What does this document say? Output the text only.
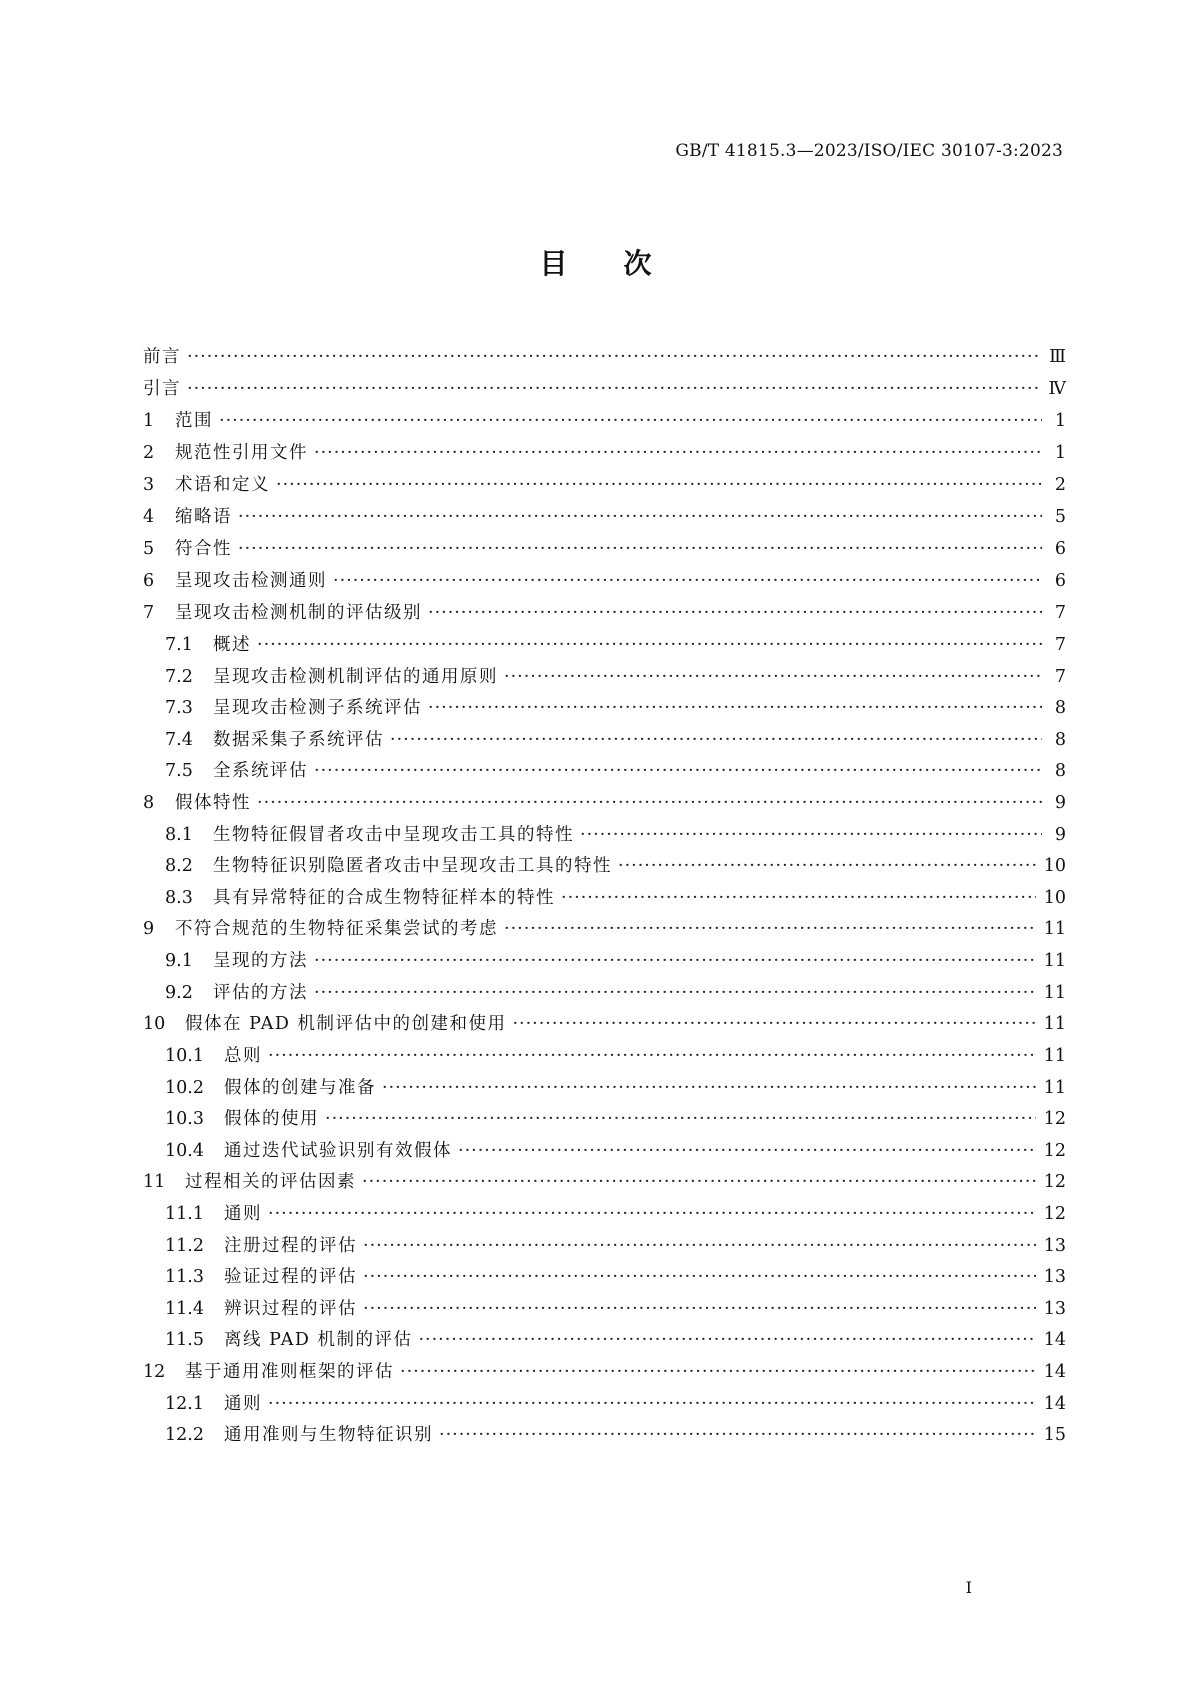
GB/T 41815.3—2023/ISO/IEC 30107-3:2023
目次
前言 ·····	Ⅲ
引言 ·····	Ⅳ
1	范围 ·····	1
2	规范性引用文件 ·····	1
3	术语和定义 ·····	2
4	缩略语 ·····	5
5	符合性 ·····	6
6	呈现攻击检测通则 ·····	6
7	呈现攻击检测机制的评估级别 ·····	7
7.1	概述 ·····	7
7.2	呈现攻击检测机制评估的通用原则 ·····	7
7.3	呈现攻击检测子系统评估 ·····	8
7.4	数据采集子系统评估 ·····	8
7.5	全系统评估 ·····	8
8	假体特性 ·····	9
8.1	生物特征假冒者攻击中呈现攻击工具的特性 ·····	9
8.2	生物特征识别隐匿者攻击中呈现攻击工具的特性 ·····	10
8.3	具有异常特征的合成生物特征样本的特性 ·····	10
9	不符合规范的生物特征采集尝试的考虑 ·····	11
9.1	呈现的方法 ·····	11
9.2	评估的方法 ·····	11
10	假体在 PAD 机制评估中的创建和使用 ·····	11
10.1	总则 ·····	11
10.2	假体的创建与准备 ·····	11
10.3	假体的使用 ·····	12
10.4	通过迭代试验识别有效假体 ·····	12
11	过程相关的评估因素 ·····	12
11.1	通则 ·····	12
11.2	注册过程的评估 ·····	13
11.3	验证过程的评估 ·····	13
11.4	辨识过程的评估 ·····	13
11.5	离线 PAD 机制的评估 ·····	14
12	基于通用准则框架的评估 ·····	14
12.1	通则 ·····	14
12.2	通用准则与生物特征识别 ·····	15
I
